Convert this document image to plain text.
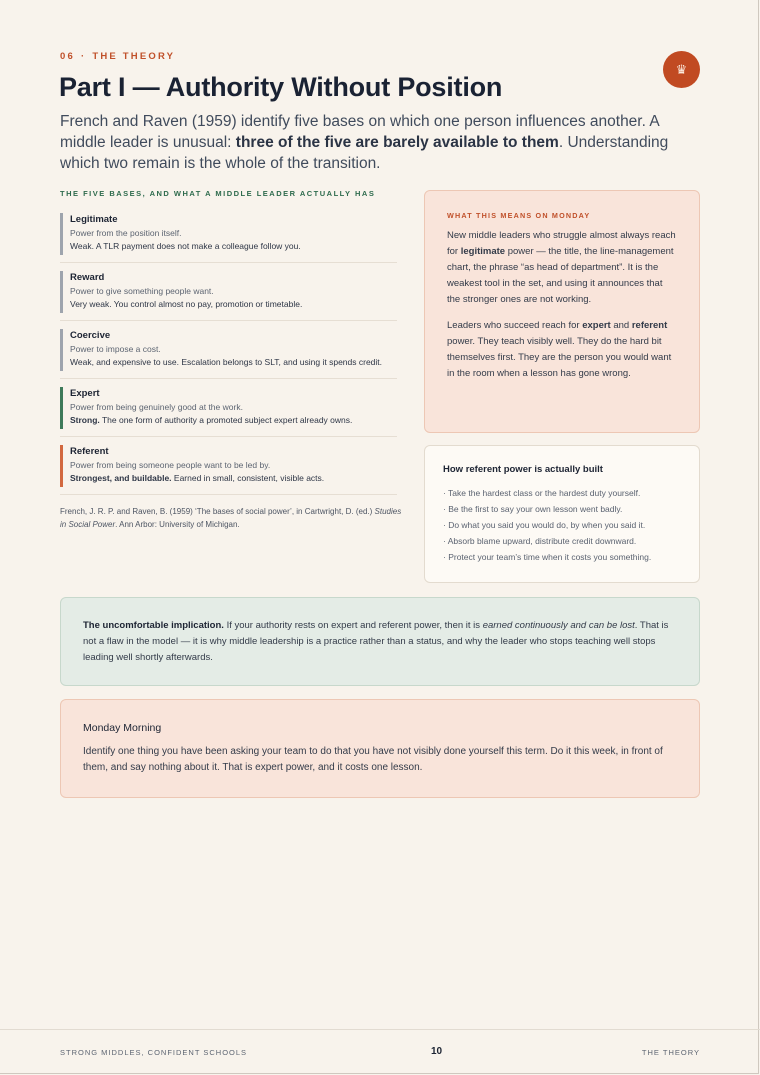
06 · THE THEORY
♛
Part I — Authority Without Position

French and Raven (1959) identify five bases on which one person influences another. A middle leader is unusual: three of the five are barely available to them. Understanding which two remain is the whole of the transition.

THE FIVE BASES, AND WHAT A MIDDLE LEADER ACTUALLY HAS
Legitimate
Power from the position itself.
Weak. A TLR payment does not make a colleague follow you.
Reward
Power to give something people want.
Very weak. You control almost no pay, promotion or timetable.
Coercive
Power to impose a cost.
Weak, and expensive to use. Escalation belongs to SLT, and using it spends credit.
Expert
Power from being genuinely good at the work.
Strong. The one form of authority a promoted subject expert already owns.
Referent
Power from being someone people want to be led by.
Strongest, and buildable. Earned in small, consistent, visible acts.

French, J. R. P. and Raven, B. (1959) ‘The bases of social power’, in Cartwright, D. (ed.) Studies in Social Power. Ann Arbor: University of Michigan.

WHAT THIS MEANS ON MONDAY

New middle leaders who struggle almost always reach for legitimate power — the title, the line-management chart, the phrase “as head of department”. It is the weakest tool in the set, and using it announces that the stronger ones are not working.

Leaders who succeed reach for expert and referent power. They teach visibly well. They do the hard bit themselves first. They are the person you would want in the room when a lesson has gone wrong.

How referent power is actually built
· Take the hardest class or the hardest duty yourself.
· Be the first to say your own lesson went badly.
· Do what you said you would do, by when you said it.
· Absorb blame upward, distribute credit downward.
· Protect your team’s time when it costs you something.
The uncomfortable implication. If your authority rests on expert and referent power, then it is earned continuously and can be lost. That is not a flaw in the model — it is why middle leadership is a practice rather than a status, and why the leader who stops teaching well stops leading well shortly afterwards.
Monday Morning
Identify one thing you have been asking your team to do that you have not visibly done yourself this term. Do it this week, in front of them, and say nothing about it. That is expert power, and it costs one lesson.
STRONG MIDDLES, CONFIDENT SCHOOLS	10	THE THEORY
